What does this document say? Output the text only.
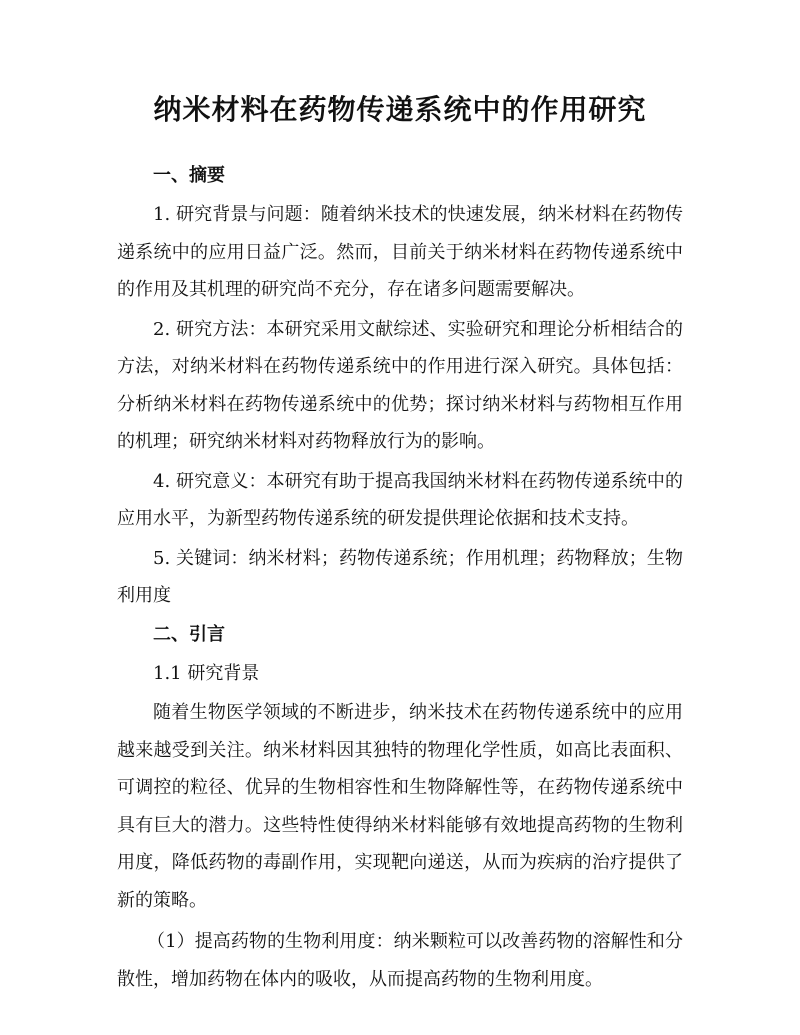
纳米材料在药物传递系统中的作用研究
一、摘要

1. 研究背景与问题：随着纳米技术的快速发展，纳米材料在药物传递系统中的应用日益广泛。然而，目前关于纳米材料在药物传递系统中的作用及其机理的研究尚不充分，存在诸多问题需要解决。

2. 研究方法：本研究采用文献综述、实验研究和理论分析相结合的方法，对纳米材料在药物传递系统中的作用进行深入研究。具体包括：分析纳米材料在药物传递系统中的优势；探讨纳米材料与药物相互作用的机理；研究纳米材料对药物释放行为的影响。

4. 研究意义：本研究有助于提高我国纳米材料在药物传递系统中的应用水平，为新型药物传递系统的研发提供理论依据和技术支持。

5. 关键词：纳米材料；药物传递系统；作用机理；药物释放；生物利用度

二、引言

1.1 研究背景

随着生物医学领域的不断进步，纳米技术在药物传递系统中的应用越来越受到关注。纳米材料因其独特的物理化学性质，如高比表面积、可调控的粒径、优异的生物相容性和生物降解性等，在药物传递系统中具有巨大的潜力。这些特性使得纳米材料能够有效地提高药物的生物利用度，降低药物的毒副作用，实现靶向递送，从而为疾病的治疗提供了新的策略。

（1）提高药物的生物利用度：纳米颗粒可以改善药物的溶解性和分散性，增加药物在体内的吸收，从而提高药物的生物利用度。
